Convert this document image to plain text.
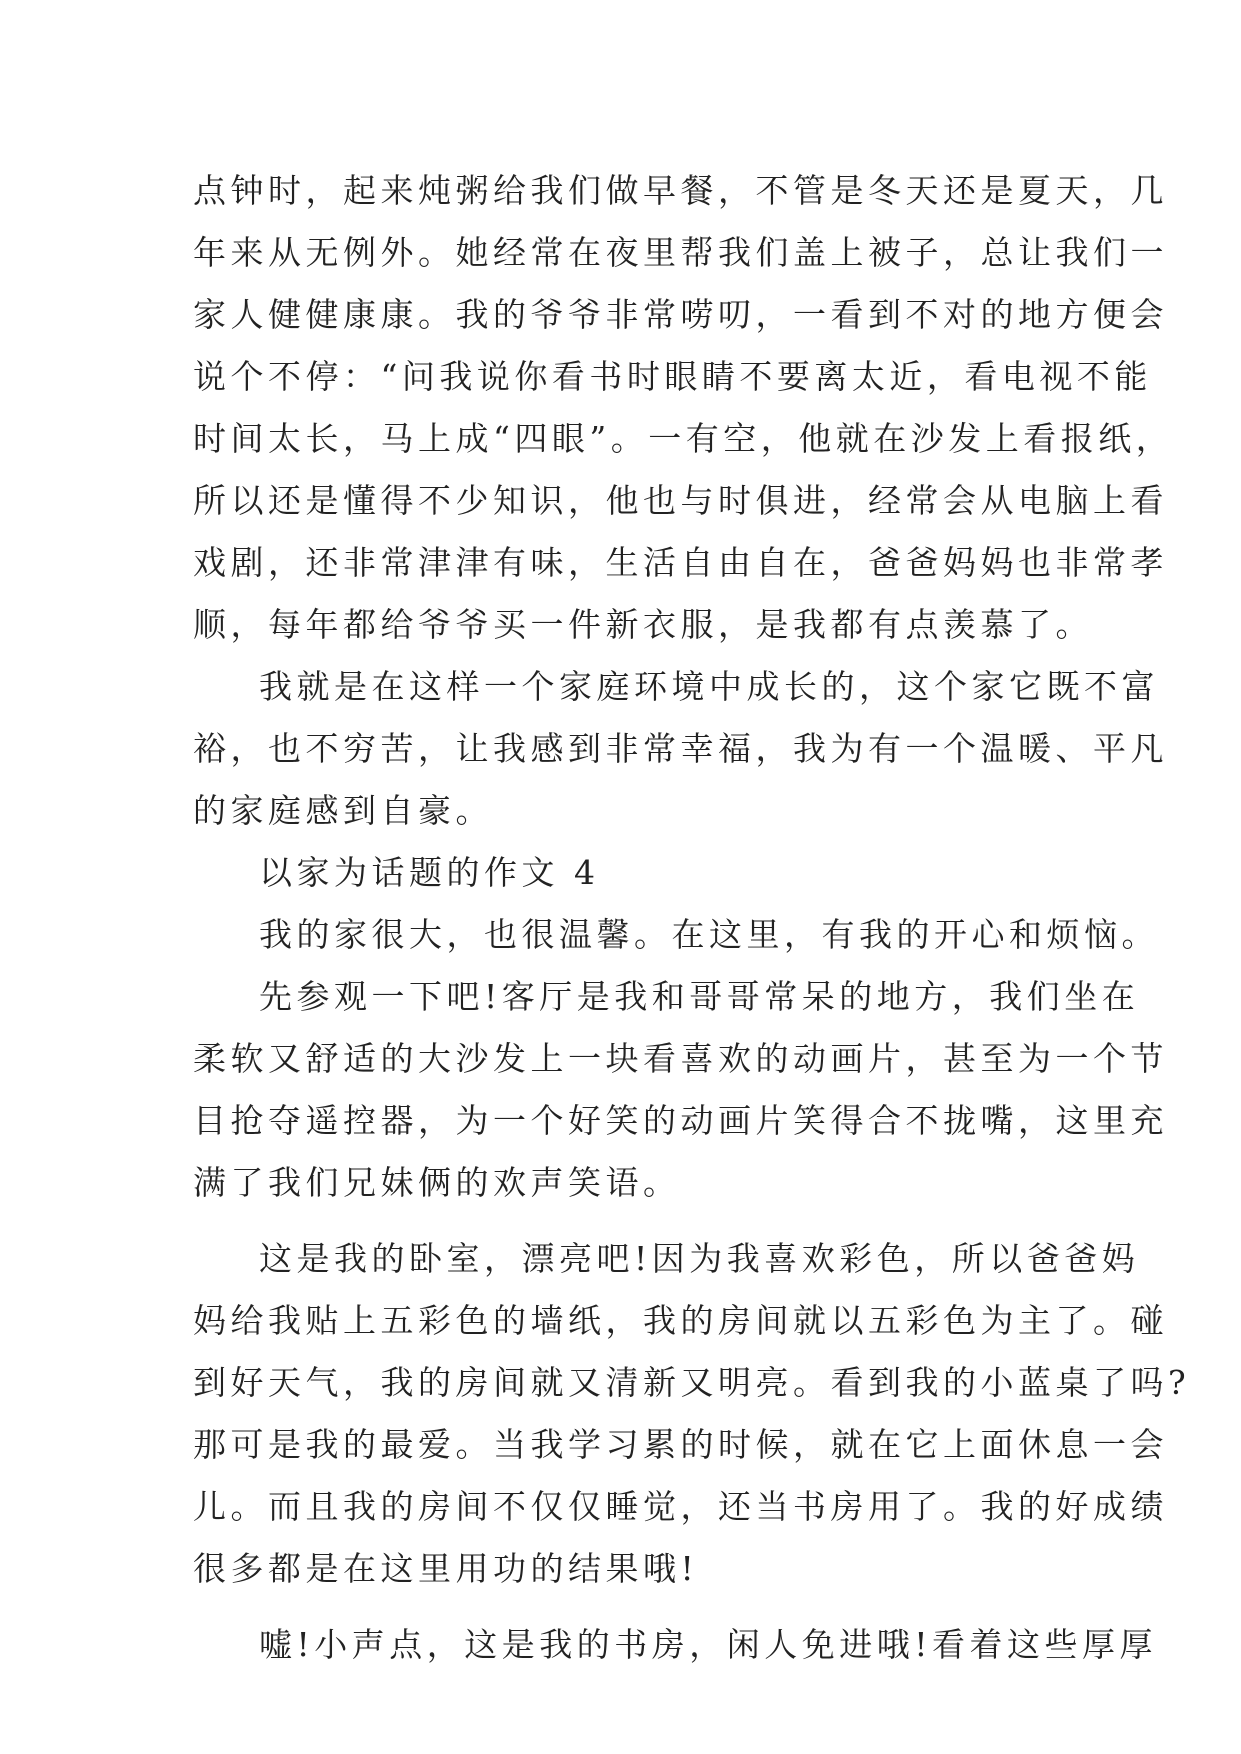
点钟时，起来炖粥给我们做早餐，不管是冬天还是夏天，几
年来从无例外。她经常在夜里帮我们盖上被子，总让我们一
家人健健康康。我的爷爷非常唠叨，一看到不对的地方便会
说个不停：“问我说你看书时眼睛不要离太近，看电视不能
时间太长，马上成“四眼”。一有空，他就在沙发上看报纸，
所以还是懂得不少知识，他也与时俱进，经常会从电脑上看
戏剧，还非常津津有味，生活自由自在，爸爸妈妈也非常孝
顺，每年都给爷爷买一件新衣服，是我都有点羡慕了。
我就是在这样一个家庭环境中成长的，这个家它既不富
裕，也不穷苦，让我感到非常幸福，我为有一个温暖、平凡
的家庭感到自豪。
以家为话题的作文 4
我的家很大，也很温馨。在这里，有我的开心和烦恼。
先参观一下吧!客厅是我和哥哥常呆的地方，我们坐在
柔软又舒适的大沙发上一块看喜欢的动画片，甚至为一个节
目抢夺遥控器，为一个好笑的动画片笑得合不拢嘴，这里充
满了我们兄妹俩的欢声笑语。
这是我的卧室，漂亮吧!因为我喜欢彩色，所以爸爸妈
妈给我贴上五彩色的墙纸，我的房间就以五彩色为主了。碰
到好天气，我的房间就又清新又明亮。看到我的小蓝桌了吗?
那可是我的最爱。当我学习累的时候，就在它上面休息一会
儿。而且我的房间不仅仅睡觉，还当书房用了。我的好成绩
很多都是在这里用功的结果哦!
嘘!小声点，这是我的书房，闲人免进哦!看着这些厚厚
